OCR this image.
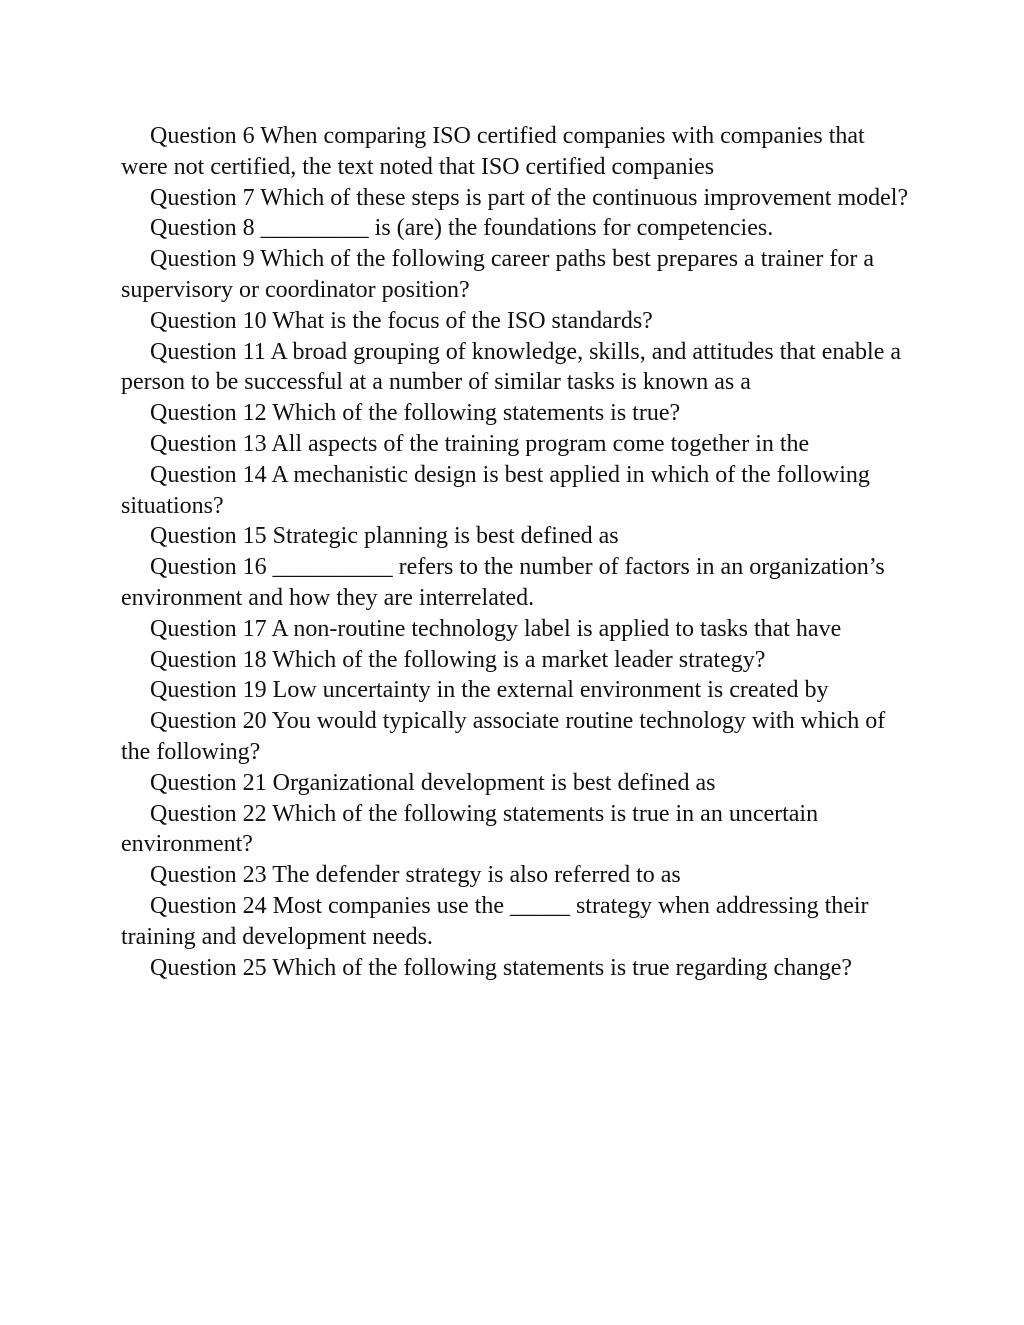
Question 6 When comparing ISO certified companies with companies that were not certified, the text noted that ISO certified companies

Question 7 Which of these steps is part of the continuous improvement model?

Question 8 _________ is (are) the foundations for competencies.

Question 9 Which of the following career paths best prepares a trainer for a supervisory or coordinator position?

Question 10 What is the focus of the ISO standards?

Question 11 A broad grouping of knowledge, skills, and attitudes that enable a person to be successful at a number of similar tasks is known as a

Question 12 Which of the following statements is true?

Question 13 All aspects of the training program come together in the

Question 14 A mechanistic design is best applied in which of the following situations?

Question 15 Strategic planning is best defined as

Question 16 __________ refers to the number of factors in an organization’s environment and how they are interrelated.

Question 17 A non-routine technology label is applied to tasks that have

Question 18 Which of the following is a market leader strategy?

Question 19 Low uncertainty in the external environment is created by

Question 20 You would typically associate routine technology with which of the following?

Question 21 Organizational development is best defined as

Question 22 Which of the following statements is true in an uncertain environment?

Question 23 The defender strategy is also referred to as

Question 24 Most companies use the _____ strategy when addressing their training and development needs.

Question 25 Which of the following statements is true regarding change?
